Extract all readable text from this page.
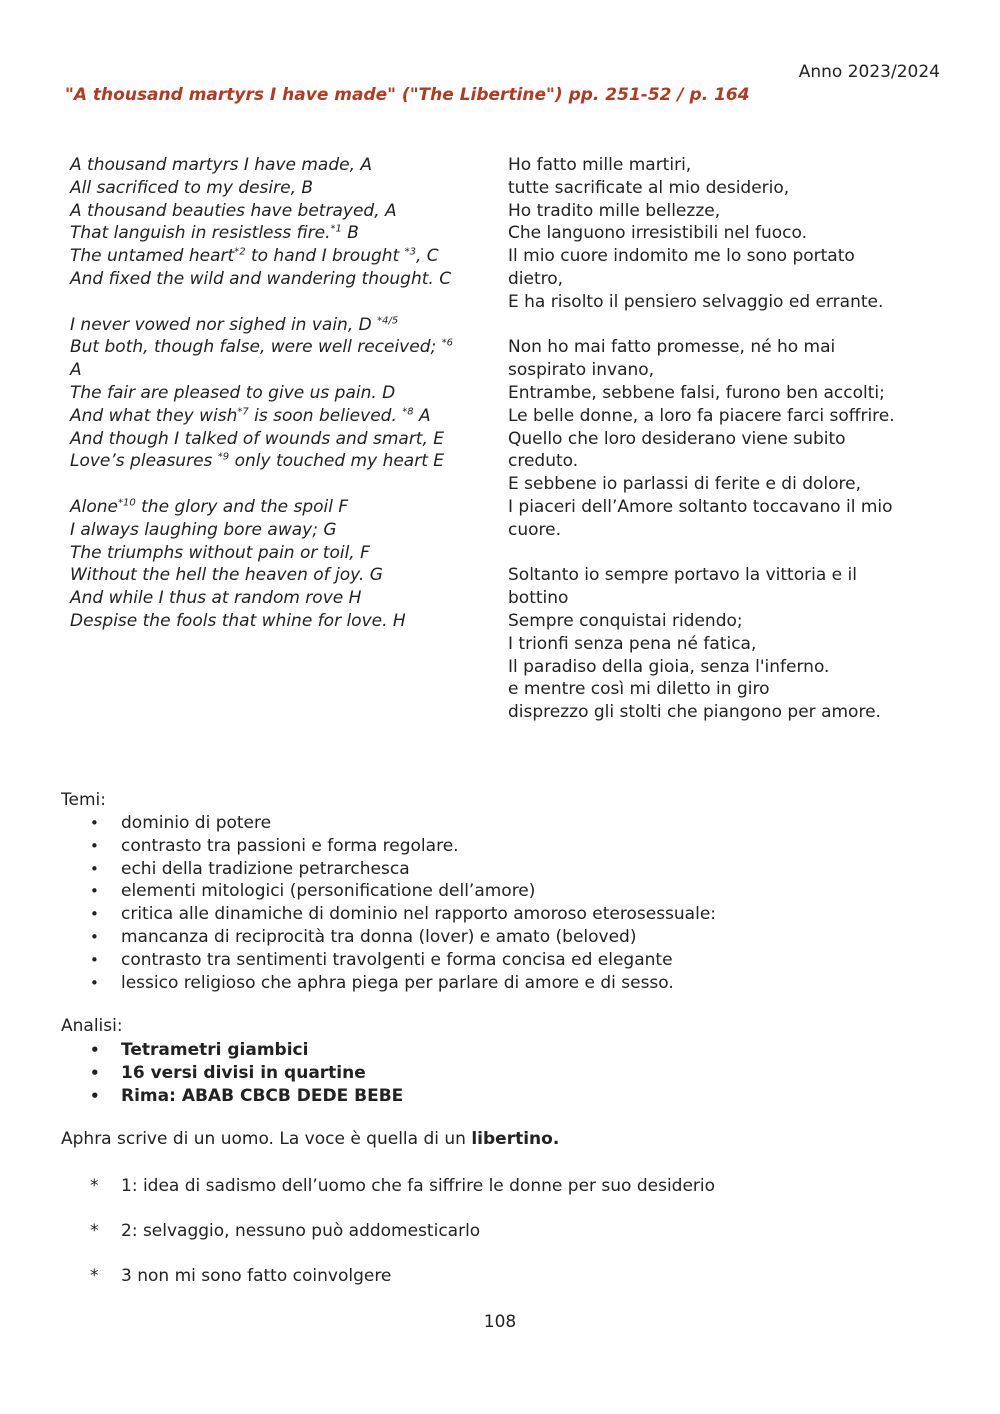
Anno 2023/2024
"A thousand martyrs I have made" ("The Libertine") pp. 251-52 / p. 164
A thousand martyrs I have made, A
All sacrificed to my desire, B
A thousand beauties have betrayed, A
That languish in resistless fire.$^{*1}$ B
The untamed heart$^{*2}$ to hand I brought $^{*3}$, C
And fixed the wild and wandering thought. C
I never vowed nor sighed in vain, D $^{*4/5}$
But both, though false, were well received; $^{*6}$
A
The fair are pleased to give us pain. D
And what they wish$^{*7}$ is soon believed. $^{*8}$ A
And though I talked of wounds and smart, E
Love’s pleasures $^{*9}$ only touched my heart E
Alone$^{*10}$ the glory and the spoil F
I always laughing bore away; G
The triumphs without pain or toil, F
Without the hell the heaven of joy. G
And while I thus at random rove H
Despise the fools that whine for love. H
Ho fatto mille martiri,
tutte sacrificate al mio desiderio,
Ho tradito mille bellezze,
Che languono irresistibili nel fuoco.
Il mio cuore indomito me lo sono portato
dietro,
E ha risolto il pensiero selvaggio ed errante.
Non ho mai fatto promesse, né ho mai
sospirato invano,
Entrambe, sebbene falsi, furono ben accolti;
Le belle donne, a loro fa piacere farci soffrire.
Quello che loro desiderano viene subito
creduto.
E sebbene io parlassi di ferite e di dolore,
I piaceri dell’Amore soltanto toccavano il mio
cuore.
Soltanto io sempre portavo la vittoria e il
bottino
Sempre conquistai ridendo;
I trionfi senza pena né fatica,
Il paradiso della gioia, senza l'inferno.
e mentre così mi diletto in giro
disprezzo gli stolti che piangono per amore.
Temi:
• dominio di potere
• contrasto tra passioni e forma regolare.
• echi della tradizione petrarchesca
• elementi mitologici (personificatione dell’amore)
• critica alle dinamiche di dominio nel rapporto amoroso eterosessuale:
• mancanza di reciprocità tra donna (lover) e amato (beloved)
• contrasto tra sentimenti travolgenti e forma concisa ed elegante
• lessico religioso che aphra piega per parlare di amore e di sesso.
Analisi:
• Tetrametri giambici
• 16 versi divisi in quartine
• Rima: ABAB CBCB DEDE BEBE
Aphra scrive di un uomo. La voce è quella di un libertino.
* 1: idea di sadismo dell’uomo che fa siffrire le donne per suo desiderio
* 2: selvaggio, nessuno può addomesticarlo
* 3 non mi sono fatto coinvolgere
108
